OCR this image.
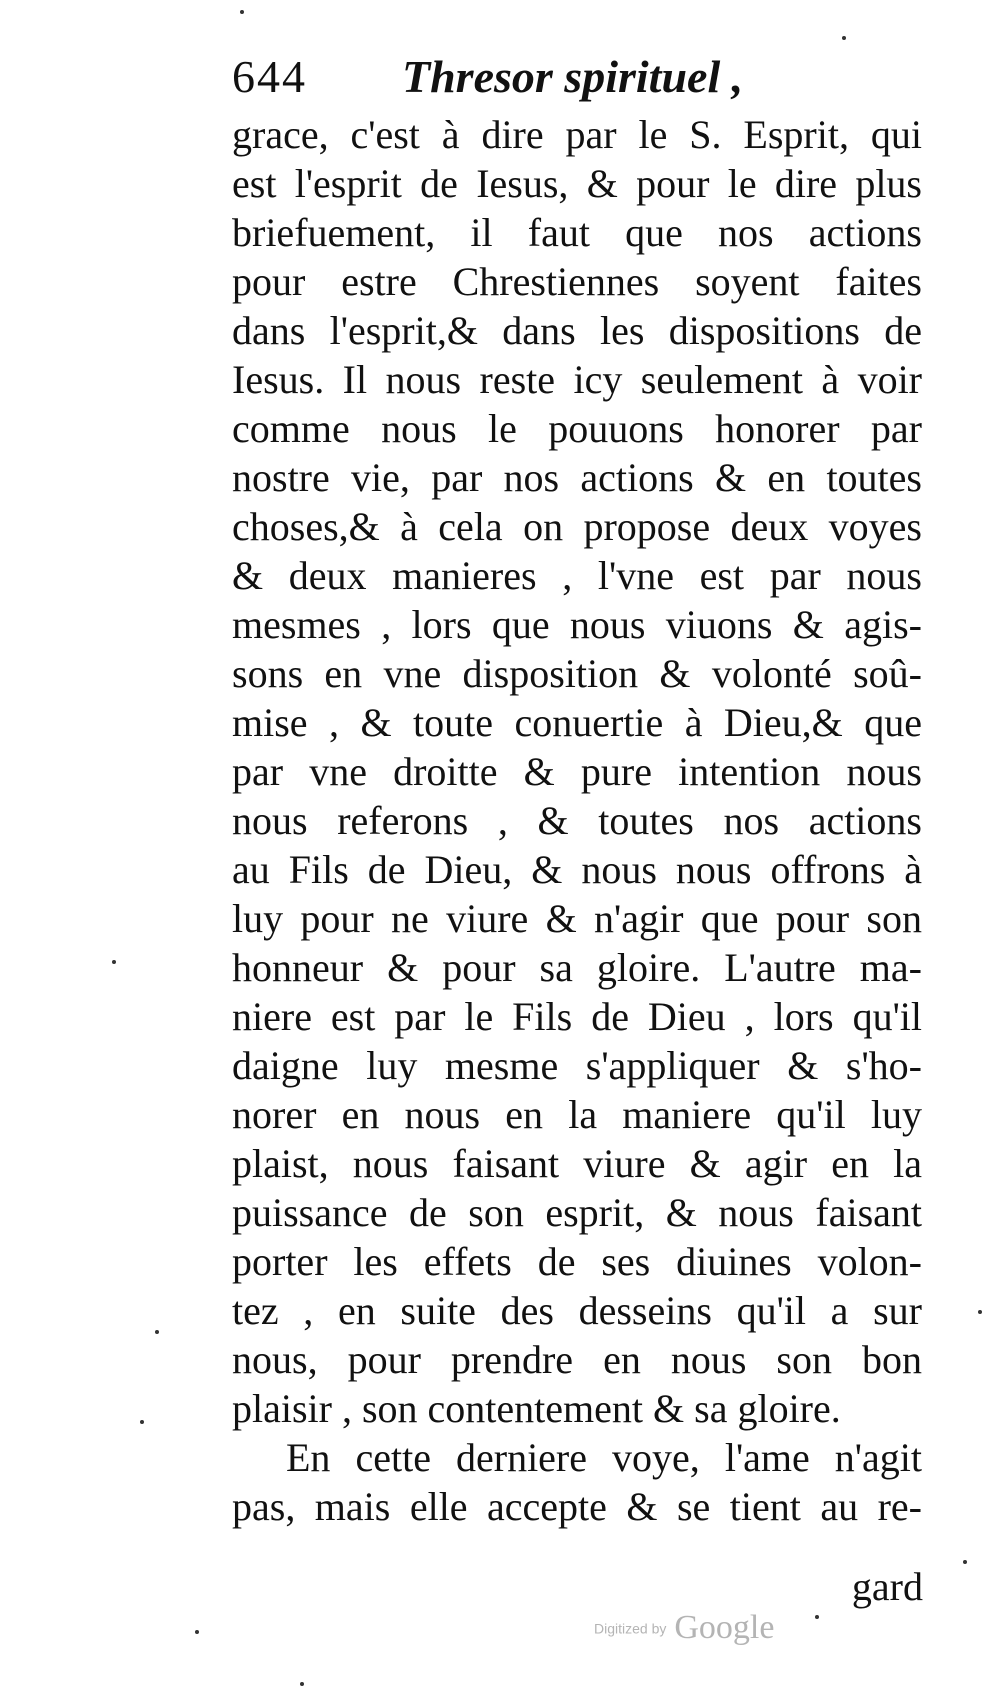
644 Thresor spirituel ,
grace, c'est à dire par le S. Esprit, qui
est l'esprit de Iesus, & pour le dire plus
briefuement, il faut que nos actions
pour estre Chrestiennes soyent faites
dans l'esprit,& dans les dispositions de
Iesus. Il nous reste icy seulement à voir
comme nous le pouuons honorer par
nostre vie, par nos actions & en toutes
choses,& à cela on propose deux voyes
& deux manieres , l'vne est par nous
mesmes , lors que nous viuons & agis-
sons en vne disposition & volonté soû-
mise , & toute conuertie à Dieu,& que
par vne droitte & pure intention nous
nous referons , & toutes nos actions
au Fils de Dieu, & nous nous offrons à
luy pour ne viure & n'agir que pour son
honneur & pour sa gloire. L'autre ma-
niere est par le Fils de Dieu , lors qu'il
daigne luy mesme s'appliquer & s'ho-
norer en nous en la maniere qu'il luy
plaist, nous faisant viure & agir en la
puissance de son esprit, & nous faisant
porter les effets de ses diuines volon-
tez , en suite des desseins qu'il a sur
nous, pour prendre en nous son bon
plaisir , son contentement & sa gloire.
En cette derniere voye, l'ame n'agit
pas, mais elle accepte & se tient au re-
gard
Digitized by Google
